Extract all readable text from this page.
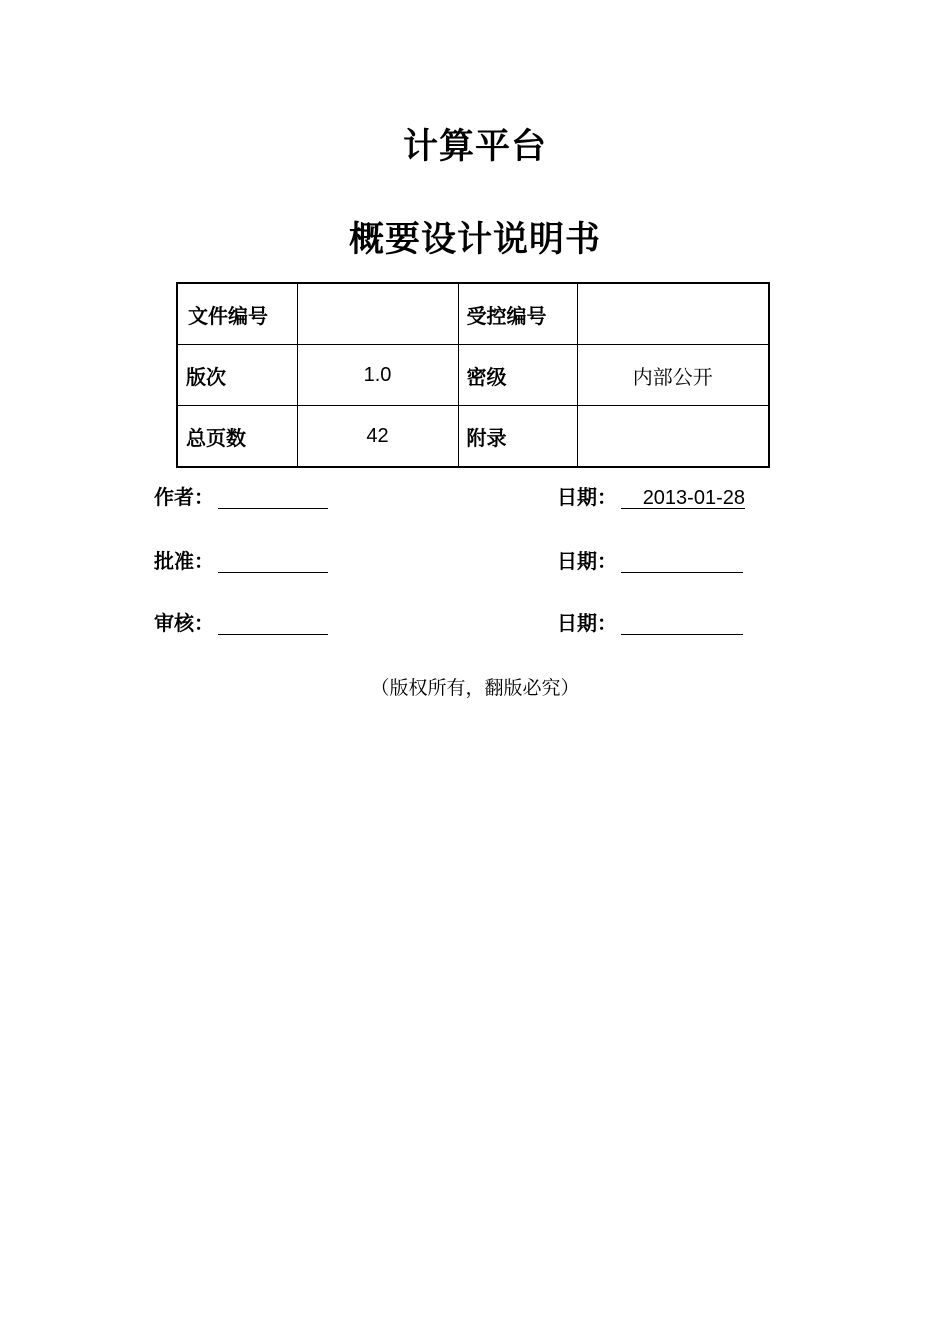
计算平台
概要设计说明书
文件编号		受控编号	
版次	1.0	密级	内部公开
总页数	42	附录	
作者：	日期： 2013-01-28
批准：	日期：
审核：	日期：
（版权所有，翻版必究）
